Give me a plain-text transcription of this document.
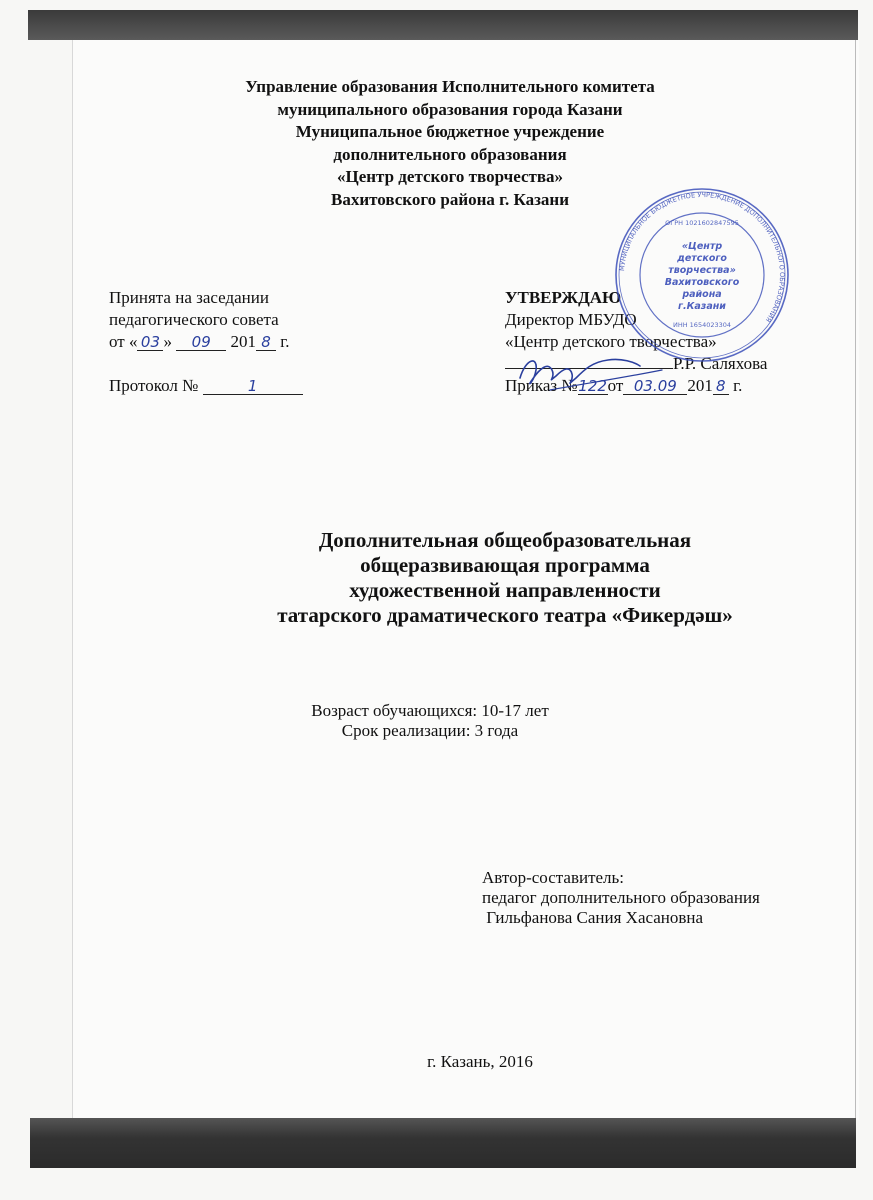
Управление образования Исполнительного комитета
муниципального образования города Казани
Муниципальное бюджетное учреждение
дополнительного образования
«Центр детского творчества»
Вахитовского района г. Казани
Принята на заседании
педагогического совета
от « 03 » 09 201 8 г.
Протокол №	1
УТВЕРЖДАЮ
Директор МБУДО
«Центр детского творчества»
Р.Р. Саляхова
Приказ №122от 03.09 201 8 г.
МУНИЦИПАЛЬНОЕ БЮДЖЕТНОЕ УЧРЕЖДЕНИЕ ДОПОЛНИТЕЛЬНОГО ОБРАЗОВАНИЯ
«Центр
детского
творчества»
Вахитовского
района
г.Казани
ОГРН 1021602847595
ИНН 1654023304
Дополнительная общеобразовательная
общеразвивающая программа
художественной направленности
татарского драматического театра «Фикердәш»
Возраст обучающихся: 10-17 лет
Срок реализации: 3 года
Автор-составитель:
педагог дополнительного образования
Гильфанова Сания Хасановна
г. Казань, 2016
